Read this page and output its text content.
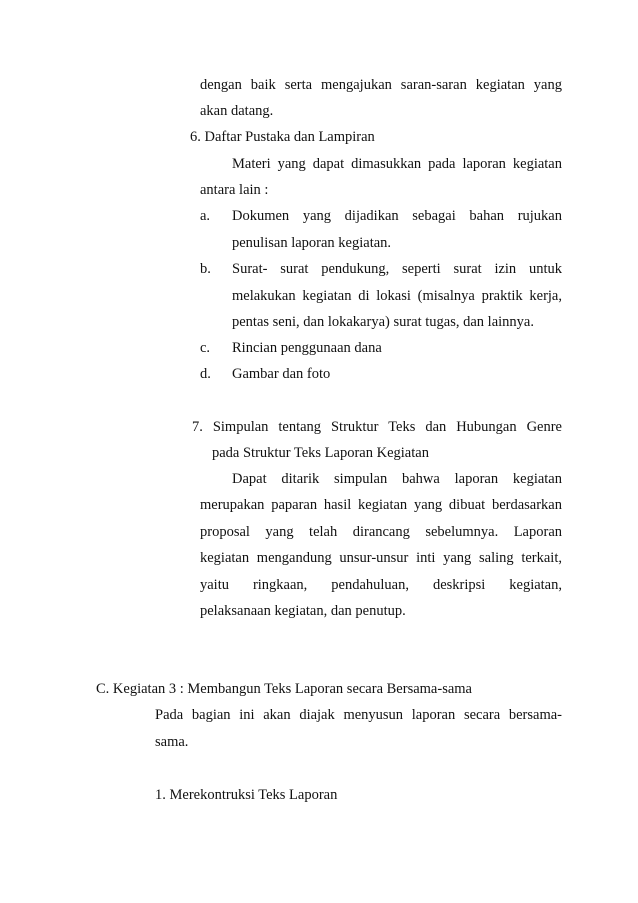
dengan baik serta mengajukan saran-saran kegiatan yang
akan datang.
6. Daftar Pustaka dan Lampiran
Materi yang dapat dimasukkan pada laporan kegiatan
antara lain :
a. Dokumen yang dijadikan sebagai bahan rujukan
penulisan laporan kegiatan.
b. Surat- surat pendukung, seperti surat izin untuk
melakukan kegiatan di lokasi (misalnya praktik kerja,
pentas seni, dan lokakarya) surat tugas, dan lainnya.
c. Rincian penggunaan dana
d. Gambar dan foto
7. Simpulan tentang Struktur Teks dan Hubungan Genre
pada Struktur Teks Laporan Kegiatan
Dapat ditarik simpulan bahwa laporan kegiatan
merupakan paparan hasil kegiatan yang dibuat berdasarkan
proposal yang telah dirancang sebelumnya. Laporan
kegiatan mengandung unsur-unsur inti yang saling terkait,
yaitu ringkaan, pendahuluan, deskripsi kegiatan,
pelaksanaan kegiatan, dan penutup.
C. Kegiatan 3 : Membangun Teks Laporan secara Bersama-sama
Pada bagian ini akan diajak menyusun laporan secara bersama-
sama.
1. Merekontruksi Teks Laporan
